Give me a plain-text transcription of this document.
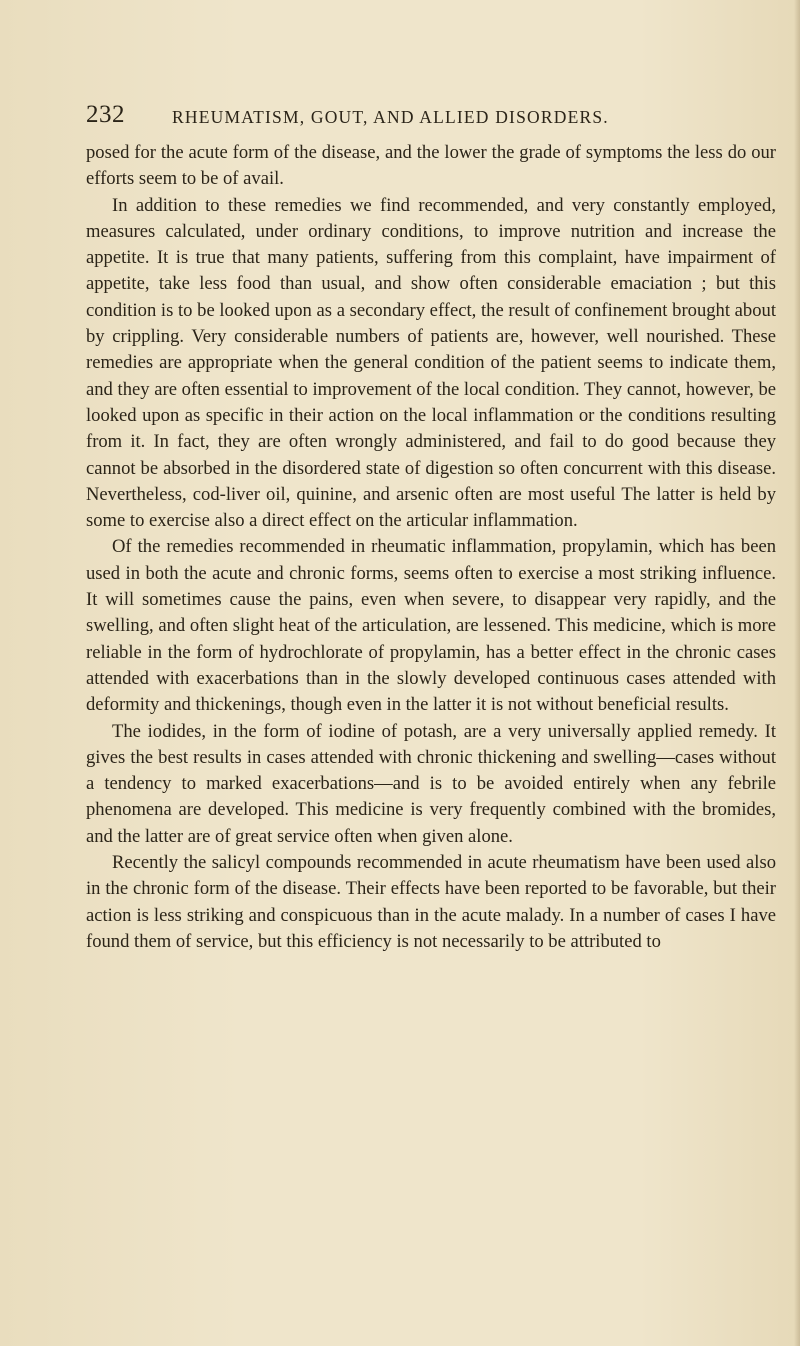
232	RHEUMATISM, GOUT, AND ALLIED DISORDERS.

posed for the acute form of the disease, and the lower the grade of symptoms the less do our efforts seem to be of avail.

In addition to these remedies we find recommended, and very constantly employed, measures calculated, under ordinary conditions, to improve nutrition and increase the appetite. It is true that many patients, suffering from this complaint, have impairment of appetite, take less food than usual, and show often considerable emaciation ; but this condition is to be looked upon as a secondary effect, the result of confinement brought about by crippling. Very considerable numbers of patients are, however, well nourished. These remedies are appropriate when the general condition of the patient seems to indicate them, and they are often essential to improvement of the local condition. They cannot, however, be looked upon as specific in their action on the local inflammation or the conditions resulting from it. In fact, they are often wrongly administered, and fail to do good because they cannot be absorbed in the disordered state of digestion so often concurrent with this disease. Nevertheless, cod-liver oil, quinine, and arsenic often are most useful The latter is held by some to exercise also a direct effect on the articular inflammation.

Of the remedies recommended in rheumatic inflammation, propylamin, which has been used in both the acute and chronic forms, seems often to exercise a most striking influence. It will sometimes cause the pains, even when severe, to disappear very rapidly, and the swelling, and often slight heat of the articulation, are lessened. This medicine, which is more reliable in the form of hydrochlorate of propylamin, has a better effect in the chronic cases attended with exacerbations than in the slowly developed continuous cases attended with deformity and thickenings, though even in the latter it is not without beneficial results.

The iodides, in the form of iodine of potash, are a very universally applied remedy. It gives the best results in cases attended with chronic thickening and swelling—cases without a tendency to marked exacerbations—and is to be avoided entirely when any febrile phenomena are developed. This medicine is very frequently combined with the bromides, and the latter are of great service often when given alone.

Recently the salicyl compounds recommended in acute rheumatism have been used also in the chronic form of the disease. Their effects have been reported to be favorable, but their action is less striking and conspicuous than in the acute malady. In a number of cases I have found them of service, but this efficiency is not necessarily to be attributed to
